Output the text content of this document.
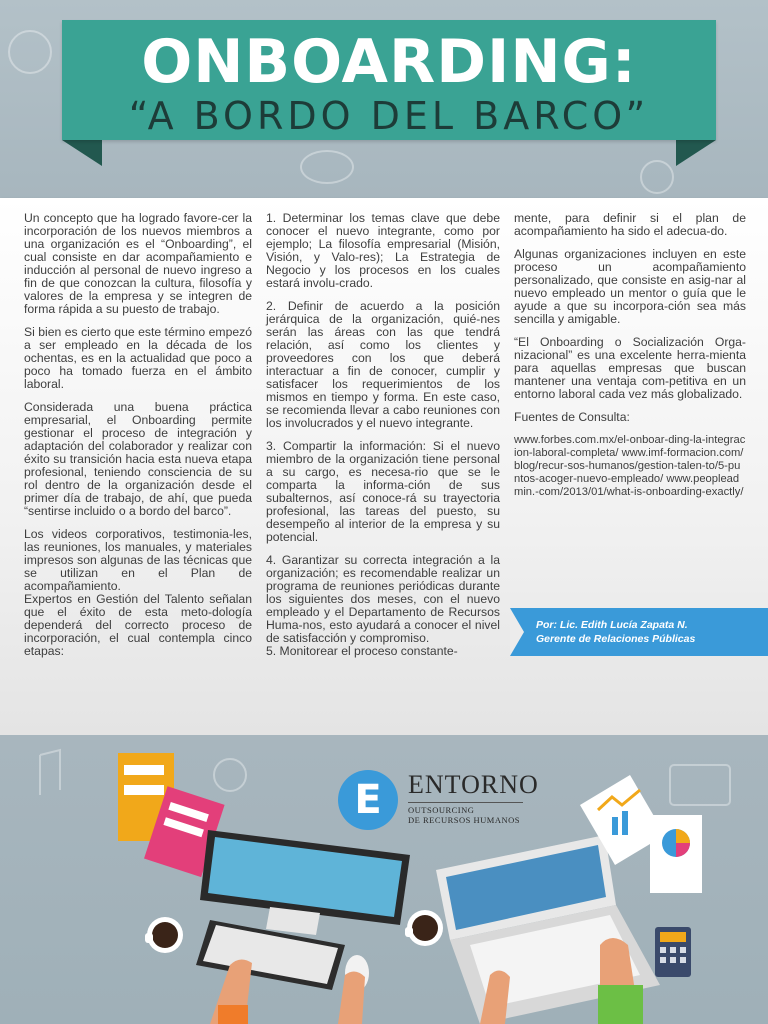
ONBOARDING:
“A BORDO DEL BARCO”

Un concepto que ha logrado favore-cer la incorporación de los nuevos miembros a una organización es el “Onboarding”, el cual consiste en dar acompañamiento e inducción al personal de nuevo ingreso a fin de que conozcan la cultura, filosofía y valores de la empresa y se integren de forma rápida a su puesto de trabajo.

Si bien es cierto que este término empezó a ser empleado en la década de los ochentas, es en la actualidad que poco a poco ha tomado fuerza en el ámbito laboral.

Considerada una buena práctica empresarial, el Onboarding permite gestionar el proceso de integración y adaptación del colaborador y realizar con éxito su transición hacia esta nueva etapa profesional, teniendo consciencia de su rol dentro de la organización desde el primer día de trabajo, de ahí, que pueda “sentirse incluido o a bordo del barco”.

Los videos corporativos, testimonia-les, las reuniones, los manuales, y materiales impresos son algunas de las técnicas que se utilizan en el Plan de acompañamiento.

Expertos en Gestión del Talento señalan que el éxito de esta meto-dología dependerá del correcto proceso de incorporación, el cual contempla cinco etapas:

1. Determinar los temas clave que debe conocer el nuevo integrante, como por ejemplo; La filosofía empresarial (Misión, Visión, y Valo-res); La Estrategia de Negocio y los procesos en los cuales estará involu-crado.

2. Definir de acuerdo a la posición jerárquica de la organización, quié-nes serán las áreas con las que tendrá relación, así como los clientes y proveedores con los que deberá interactuar a fin de conocer, cumplir y satisfacer los requerimientos de los mismos en tiempo y forma. En este caso, se recomienda llevar a cabo reuniones con los involucrados y el nuevo integrante.

3. Compartir la información: Si el nuevo miembro de la organización tiene personal a su cargo, es necesa-rio que se le comparta la informa-ción de sus subalternos, así conoce-rá su trayectoria profesional, las tareas del puesto, su desempeño al interior de la empresa y su potencial.

4. Garantizar su correcta integración a la organización; es recomendable realizar un programa de reuniones periódicas durante los siguientes dos meses, con el nuevo empleado y el Departamento de Recursos Huma-nos, esto ayudará a conocer el nivel de satisfacción y compromiso.

5. Monitorear el proceso constante-

mente, para definir si el plan de acompañamiento ha sido el adecua-do.

Algunas organizaciones incluyen en este proceso un acompañamiento personalizado, que consiste en asig-nar al nuevo empleado un mentor o guía que le ayude a que su incorpora-ción sea más sencilla y amigable.

“El Onboarding o Socialización Orga-nizacional” es una excelente herra-mienta para aquellas empresas que buscan mantener una ventaja com-petitiva en un entorno laboral cada vez más globalizado.

Fuentes de Consulta:

www.forbes.com.mx/el-onboar-ding-la-integracion-laboral-completa/ www.imf-formacion.com/blog/recur-sos-humanos/gestion-talen-to/5-puntos-acoger-nuevo-empleado/ www.peopleadmin.-com/2013/01/what-is-onboarding-exactly/

Por: Lic. Edith Lucía Zapata N.
Gerente de Relaciones Públicas
E	ENTORNO
OUTSOURCING
DE RECURSOS HUMANOS
